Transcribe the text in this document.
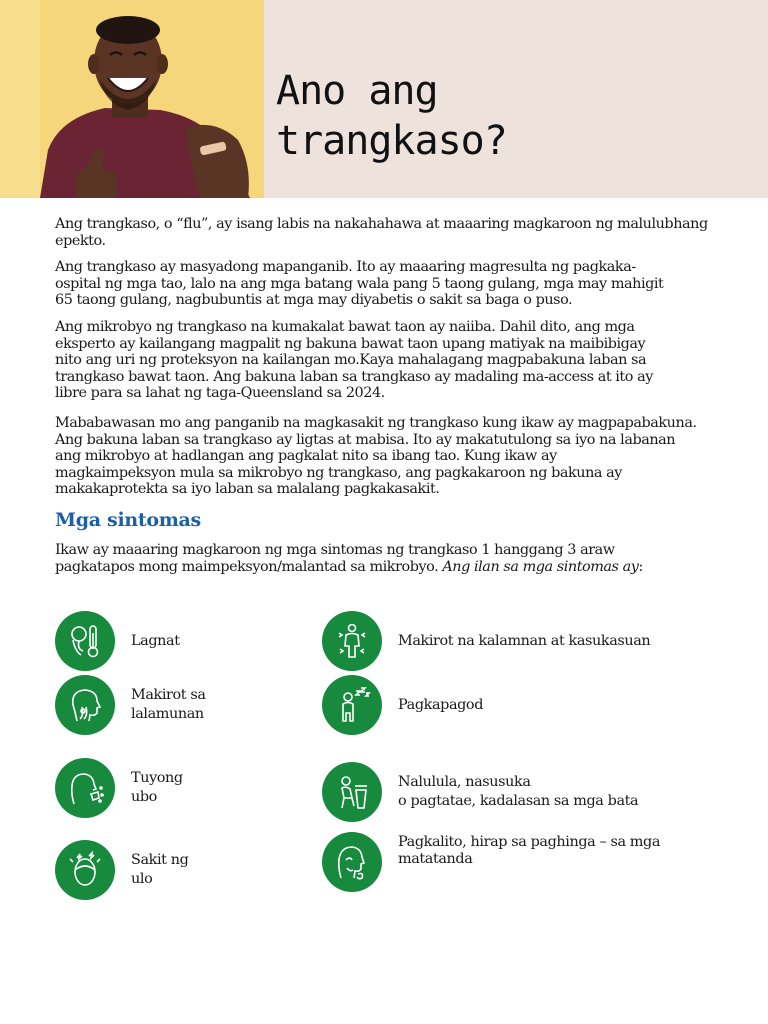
Ano ang
trangkaso?

Ang trangkaso, o “flu”, ay isang labis na nakahahawa at maaaring magkaroon ng malulubhang
epekto.

Ang trangkaso ay masyadong mapanganib. Ito ay maaaring magresulta ng pagkaka-
ospital ng mga tao, lalo na ang mga batang wala pang 5 taong gulang, mga may mahigit
65 taong gulang, nagbubuntis at mga may diyabetis o sakit sa baga o puso.

Ang mikrobyo ng trangkaso na kumakalat bawat taon ay naiiba. Dahil dito, ang mga
eksperto ay kailangang magpalit ng bakuna bawat taon upang matiyak na maibibigay
nito ang uri ng proteksyon na kailangan mo.Kaya mahalagang magpabakuna laban sa
trangkaso bawat taon. Ang bakuna laban sa trangkaso ay madaling ma-access at ito ay
libre para sa lahat ng taga-Queensland sa 2024.

Mababawasan mo ang panganib na magkasakit ng trangkaso kung ikaw ay magpapabakuna.
Ang bakuna laban sa trangkaso ay ligtas at mabisa. Ito ay makatutulong sa iyo na labanan
ang mikrobyo at hadlangan ang pagkalat nito sa ibang tao. Kung ikaw ay
magkaimpeksyon mula sa mikrobyo ng trangkaso, ang pagkakaroon ng bakuna ay
makakaprotekta sa iyo laban sa malalang pagkakasakit.

Mga sintomas

Ikaw ay maaaring magkaroon ng mga sintomas ng trangkaso 1 hanggang 3 araw
pagkatapos mong maimpeksyon/malantad sa mikrobyo. Ang ilan sa mga sintomas ay:

Lagnat
Makirot sa
lalamunan
Tuyong
ubo
Sakit ng
ulo
Makirot na kalamnan at kasukasuan
Pagkapagod
Nalulula, nasusuka
o pagtatae, kadalasan sa mga bata
Pagkalito, hirap sa paghinga – sa mga
matatanda
